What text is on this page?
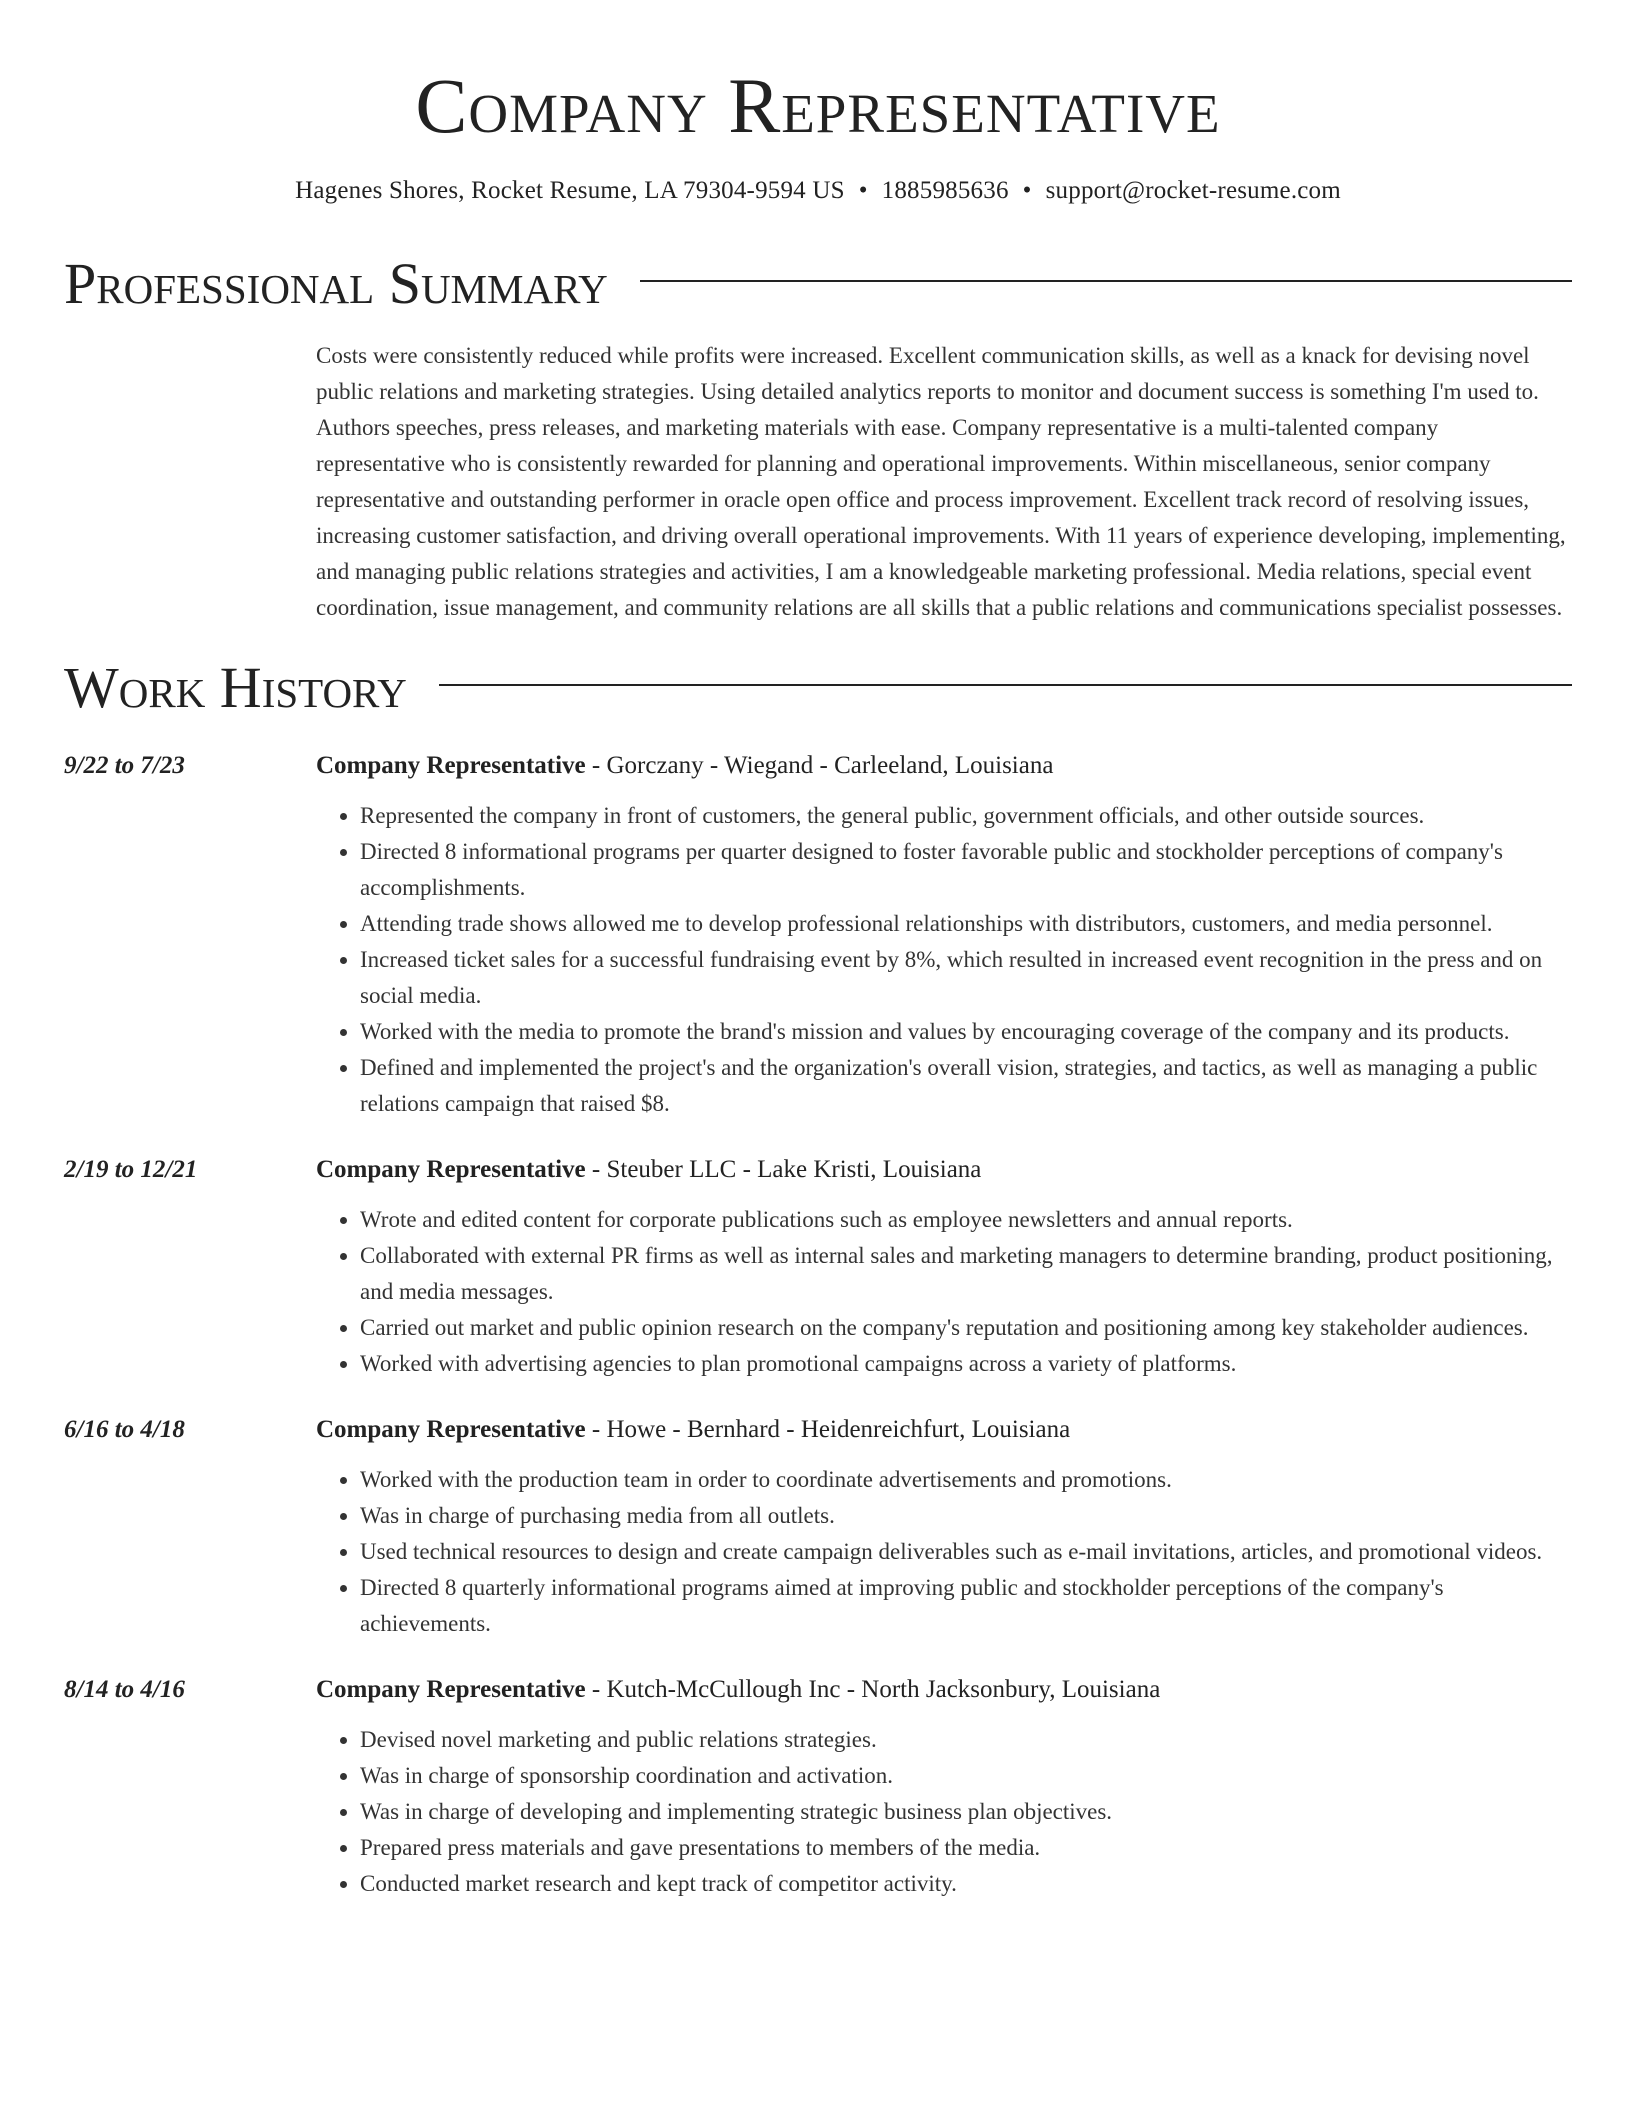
Company Representative
Hagenes Shores, Rocket Resume, LA 79304-9594 US • 1885985636 • support@rocket-resume.com
Professional Summary
Costs were consistently reduced while profits were increased. Excellent communication skills, as well as a knack for devising novel public relations and marketing strategies. Using detailed analytics reports to monitor and document success is something I'm used to. Authors speeches, press releases, and marketing materials with ease. Company representative is a multi-talented company representative who is consistently rewarded for planning and operational improvements. Within miscellaneous, senior company representative and outstanding performer in oracle open office and process improvement. Excellent track record of resolving issues, increasing customer satisfaction, and driving overall operational improvements. With 11 years of experience developing, implementing, and managing public relations strategies and activities, I am a knowledgeable marketing professional. Media relations, special event coordination, issue management, and community relations are all skills that a public relations and communications specialist possesses.
Work History
9/22 to 7/23	Company Representative - Gorczany - Wiegand - Carleeland, Louisiana
• Represented the company in front of customers, the general public, government officials, and other outside sources.
• Directed 8 informational programs per quarter designed to foster favorable public and stockholder perceptions of company's accomplishments.
• Attending trade shows allowed me to develop professional relationships with distributors, customers, and media personnel.
• Increased ticket sales for a successful fundraising event by 8%, which resulted in increased event recognition in the press and on social media.
• Worked with the media to promote the brand's mission and values by encouraging coverage of the company and its products.
• Defined and implemented the project's and the organization's overall vision, strategies, and tactics, as well as managing a public relations campaign that raised $8.
2/19 to 12/21	Company Representative - Steuber LLC - Lake Kristi, Louisiana
• Wrote and edited content for corporate publications such as employee newsletters and annual reports.
• Collaborated with external PR firms as well as internal sales and marketing managers to determine branding, product positioning, and media messages.
• Carried out market and public opinion research on the company's reputation and positioning among key stakeholder audiences.
• Worked with advertising agencies to plan promotional campaigns across a variety of platforms.
6/16 to 4/18	Company Representative - Howe - Bernhard - Heidenreichfurt, Louisiana
• Worked with the production team in order to coordinate advertisements and promotions.
• Was in charge of purchasing media from all outlets.
• Used technical resources to design and create campaign deliverables such as e-mail invitations, articles, and promotional videos.
• Directed 8 quarterly informational programs aimed at improving public and stockholder perceptions of the company's achievements.
8/14 to 4/16	Company Representative - Kutch-McCullough Inc - North Jacksonbury, Louisiana
• Devised novel marketing and public relations strategies.
• Was in charge of sponsorship coordination and activation.
• Was in charge of developing and implementing strategic business plan objectives.
• Prepared press materials and gave presentations to members of the media.
• Conducted market research and kept track of competitor activity.
